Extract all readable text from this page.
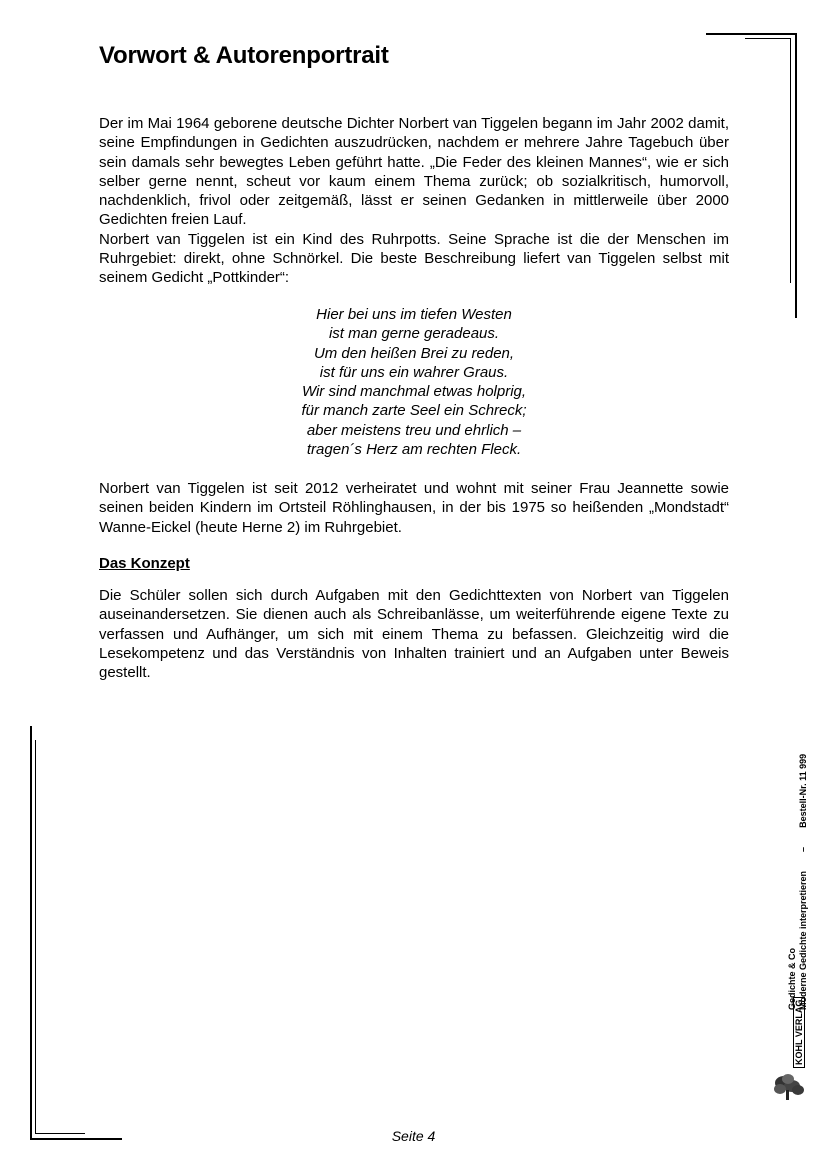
Vorwort & Autorenportrait

Der im Mai 1964 geborene deutsche Dichter Norbert van Tiggelen begann im Jahr 2002 damit, seine Empfindungen in Gedichten auszudrücken, nachdem er mehrere Jahre Tagebuch über sein damals sehr bewegtes Leben geführt hatte. „Die Feder des kleinen Mannes“, wie er sich selber gerne nennt, scheut vor kaum einem Thema zurück; ob sozialkritisch, humorvoll, nachdenklich, frivol oder zeitgemäß, lässt er seinen Gedanken in mittlerweile über 2000 Gedichten freien Lauf.

Norbert van Tiggelen ist ein Kind des Ruhrpotts. Seine Sprache ist die der Menschen im Ruhrgebiet: direkt, ohne Schnörkel. Die beste Beschreibung liefert van Tiggelen selbst mit seinem Gedicht „Pottkinder“:

Hier bei uns im tiefen Westen
ist man gerne geradeaus.
Um den heißen Brei zu reden,
ist für uns ein wahrer Graus.
Wir sind manchmal etwas holprig,
für manch zarte Seel ein Schreck;
aber meistens treu und ehrlich –
tragen´s Herz am rechten Fleck.

Norbert van Tiggelen ist seit 2012 verheiratet und wohnt mit seiner Frau Jeannette sowie seinen beiden Kindern im Ortsteil Röhlinghausen, in der bis 1975 so heißenden „Mondstadt“ Wanne-Eickel (heute Herne 2) im Ruhrgebiet.

Das Konzept

Die Schüler sollen sich durch Aufgaben mit den Gedichttexten von Norbert van Tiggelen auseinandersetzen. Sie dienen auch als Schreibanlässe, um weiterführende eigene Texte zu verfassen und Aufhänger, um sich mit einem Thema zu befassen. Gleichzeitig wird die Lesekompetenz und das Verständnis von Inhalten trainiert und an Aufgaben unter Beweis gestellt.

Gedichte & Co Moderne Gedichte interpretieren  –  Bestell-Nr. 11 999
KOHL VERLAG
Seite 4
